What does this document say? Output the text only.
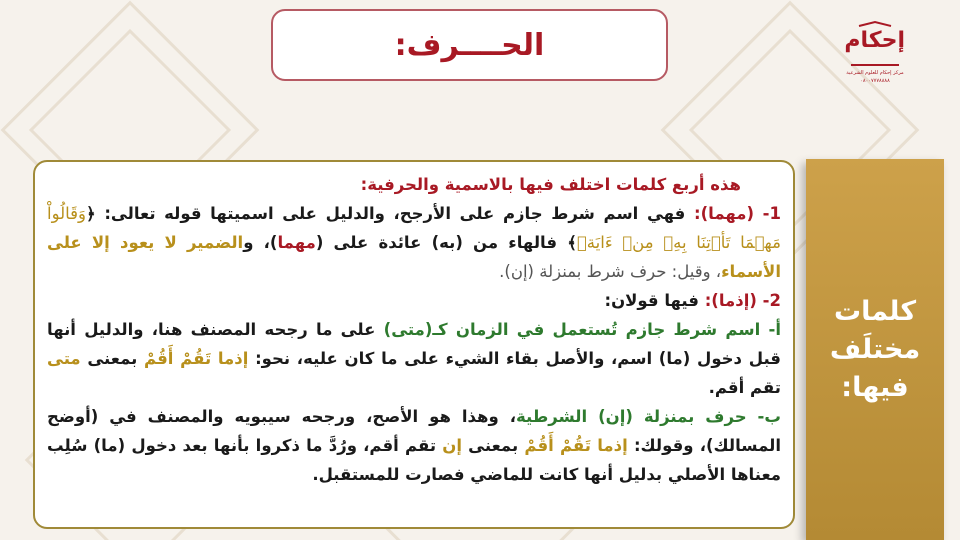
الحــــرف:	إحكام
مركز إحكام للعلوم الشرعية
٠٨٠٠٧٧٧٨٨٨٨

هذه أربع كلمات اختلف فيها بالاسمية والحرفية:

1- (مهما): فهي اسم شرط جازم على الأرجح، والدليل على اسميتها قوله تعالى: ﴿وَقَالُواْ مَهۡمَا تَأۡتِنَا بِهِۦ مِنۡ ءَايَةٖ﴾ فالهاء من (به) عائدة على (مهما)، والضمير لا يعود إلا على الأسماء، وقيل: حرف شرط بمنزلة (إن).

2- (إذما): فيها قولان:

أ- اسم شرط جازم تُستعمل في الزمان كـ(متى) على ما رجحه المصنف هنا، والدليل أنها قبل دخول (ما) اسم، والأصل بقاء الشيء على ما كان عليه، نحو: إذما تَقُمْ أَقُمْ بمعنى متى تقم أقم.

ب- حرف بمنزلة (إن) الشرطية، وهذا هو الأصح، ورجحه سيبويه والمصنف في (أوضح المسالك)، وقولك: إذما تَقُمْ أَقُمْ بمعنى إن تقم أقم، ورُدَّ ما ذكروا بأنها بعد دخول (ما) سُلِب معناها الأصلي بدليل أنها كانت للماضي فصارت للمستقبل.

كلمات
مختلَف
فيها:
